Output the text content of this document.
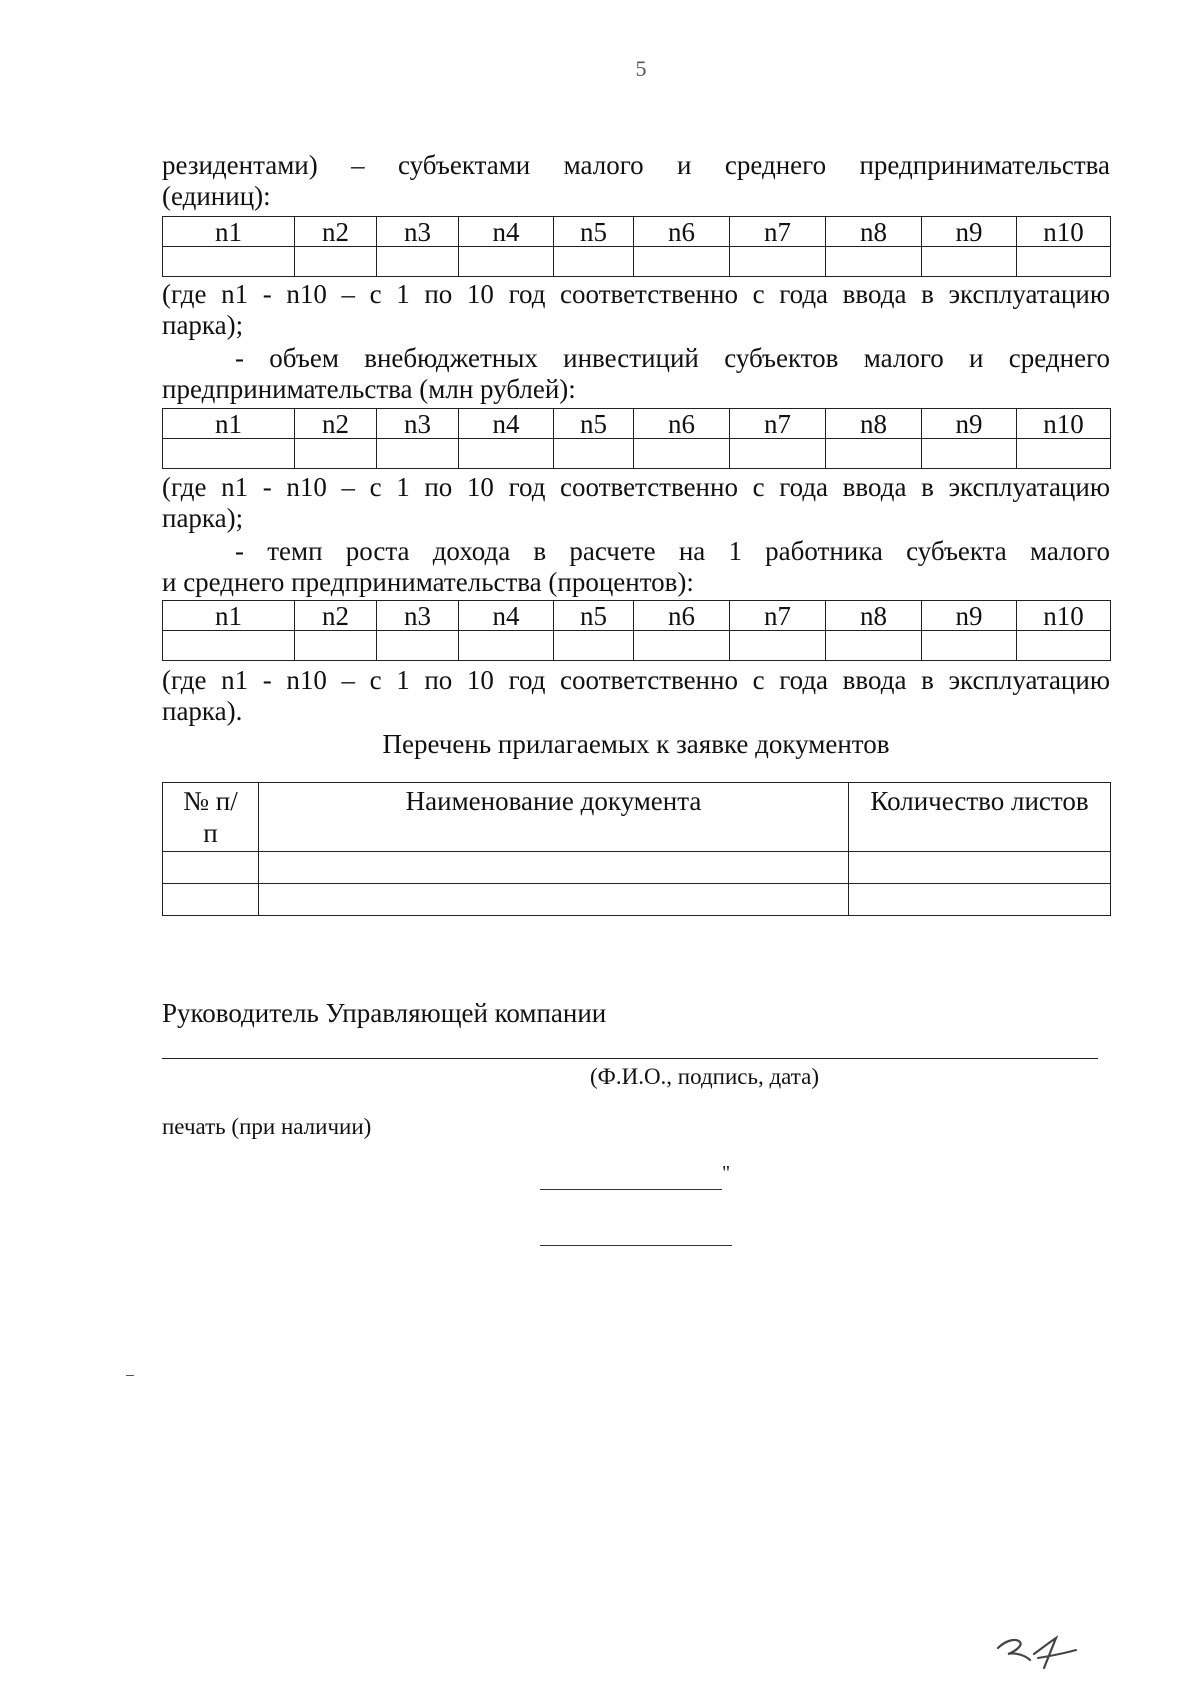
5
резидентами) – субъектами малого и среднего предпринимательства
(единиц):
n1	n2	n3	n4	n5	n6	n7	n8	n9	n10

(где n1 - n10 – с 1 по 10 год соответственно с года ввода в эксплуатацию
парка);
- объем внебюджетных инвестиций субъектов малого и среднего
предпринимательства (млн рублей):
n1	n2	n3	n4	n5	n6	n7	n8	n9	n10

(где n1 - n10 – с 1 по 10 год соответственно с года ввода в эксплуатацию
парка);
- темп роста дохода в расчете на 1 работника субъекта малого
и среднего предпринимательства (процентов):
n1	n2	n3	n4	n5	n6	n7	n8	n9	n10

(где n1 - n10 – с 1 по 10 год соответственно с года ввода в эксплуатацию
парка).
Перечень прилагаемых к заявке документов
№ п/п	Наименование документа	Количество листов

Руководитель Управляющей компании
(Ф.И.О., подпись, дата)
печать (при наличии)
"
